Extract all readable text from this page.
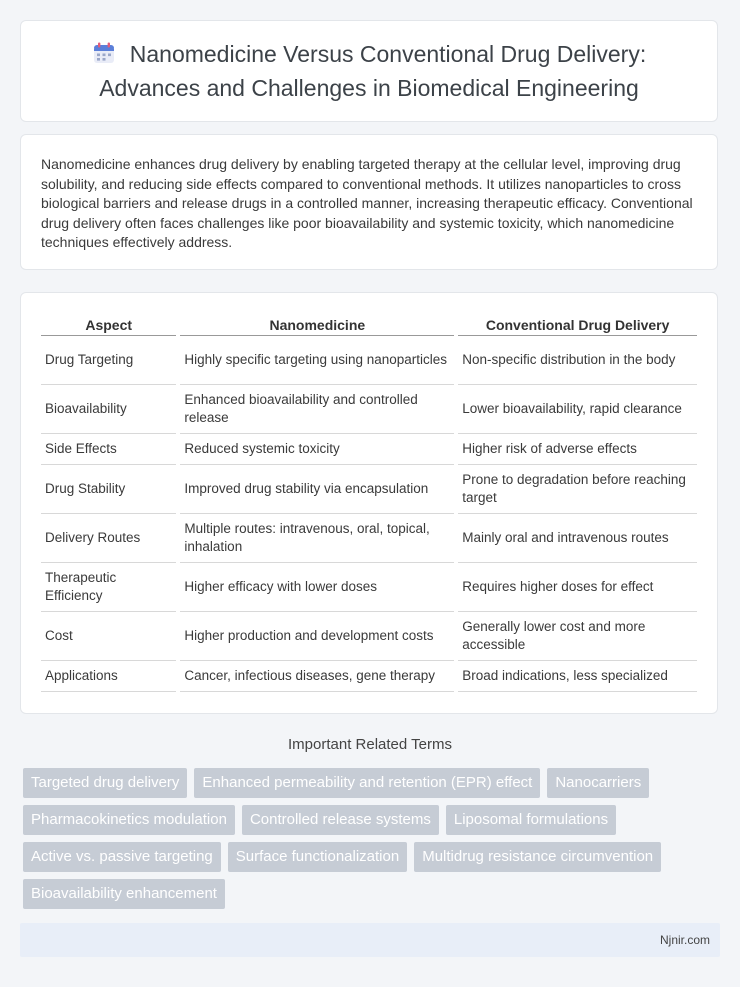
Nanomedicine Versus Conventional Drug Delivery: Advances and Challenges in Biomedical Engineering

Nanomedicine enhances drug delivery by enabling targeted therapy at the cellular level, improving drug solubility, and reducing side effects compared to conventional methods. It utilizes nanoparticles to cross biological barriers and release drugs in a controlled manner, increasing therapeutic efficacy. Conventional drug delivery often faces challenges like poor bioavailability and systemic toxicity, which nanomedicine techniques effectively address.

Aspect	Nanomedicine	Conventional Drug Delivery
Drug Targeting	Highly specific targeting using nanoparticles	Non-specific distribution in the body
Bioavailability	Enhanced bioavailability and controlled release	Lower bioavailability, rapid clearance
Side Effects	Reduced systemic toxicity	Higher risk of adverse effects
Drug Stability	Improved drug stability via encapsulation	Prone to degradation before reaching target
Delivery Routes	Multiple routes: intravenous, oral, topical, inhalation	Mainly oral and intravenous routes
Therapeutic Efficiency	Higher efficacy with lower doses	Requires higher doses for effect
Cost	Higher production and development costs	Generally lower cost and more accessible
Applications	Cancer, infectious diseases, gene therapy	Broad indications, less specialized
Important Related Terms
Targeted drug delivery	Enhanced permeability and retention (EPR) effect	Nanocarriers
Pharmacokinetics modulation	Controlled release systems	Liposomal formulations
Active vs. passive targeting	Surface functionalization	Multidrug resistance circumvention
Bioavailability enhancement
Njnir.com
